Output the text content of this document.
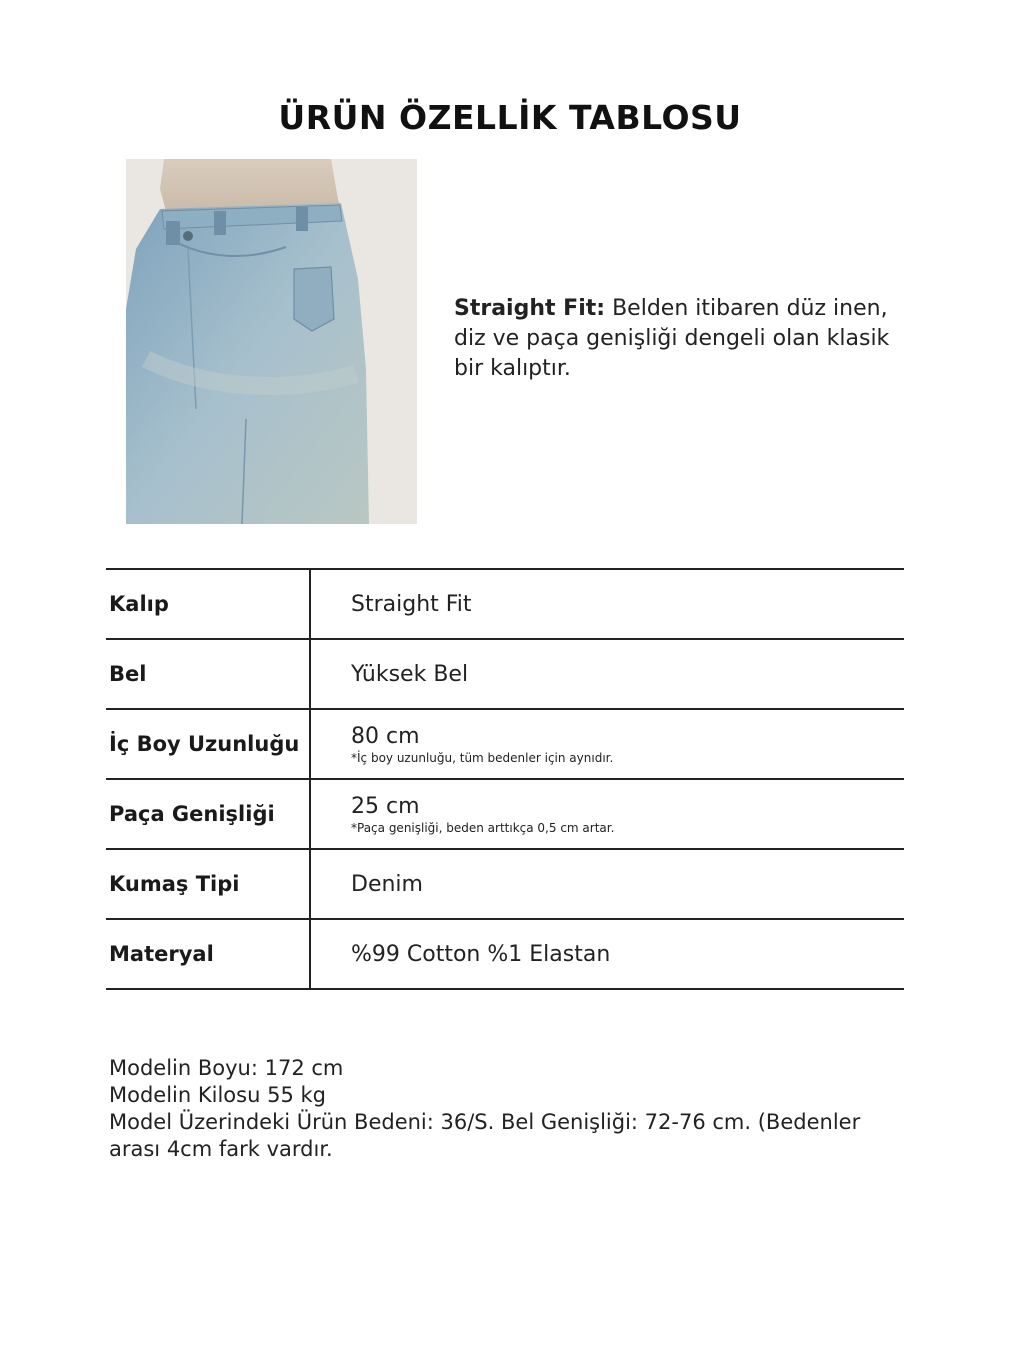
ÜRÜN ÖZELLİK TABLOSU
Straight Fit: Belden itibaren düz inen, diz ve paça genişliği dengeli olan klasik bir kalıptır.
Kalıp	Straight Fit
Bel	Yüksek Bel
İç Boy Uzunluğu	80 cm
*İç boy uzunluğu, tüm bedenler için aynıdır.

Paça Genişliği	25 cm
*Paça genişliği, beden arttıkça 0,5 cm artar.

Kumaş Tipi	Denim
Materyal	%99 Cotton %1 Elastan
Modelin Boyu: 172 cm
Modelin Kilosu 55 kg
Model Üzerindeki Ürün Bedeni: 36/S. Bel Genişliği: 72-76 cm. (Bedenler arası 4cm fark vardır.
